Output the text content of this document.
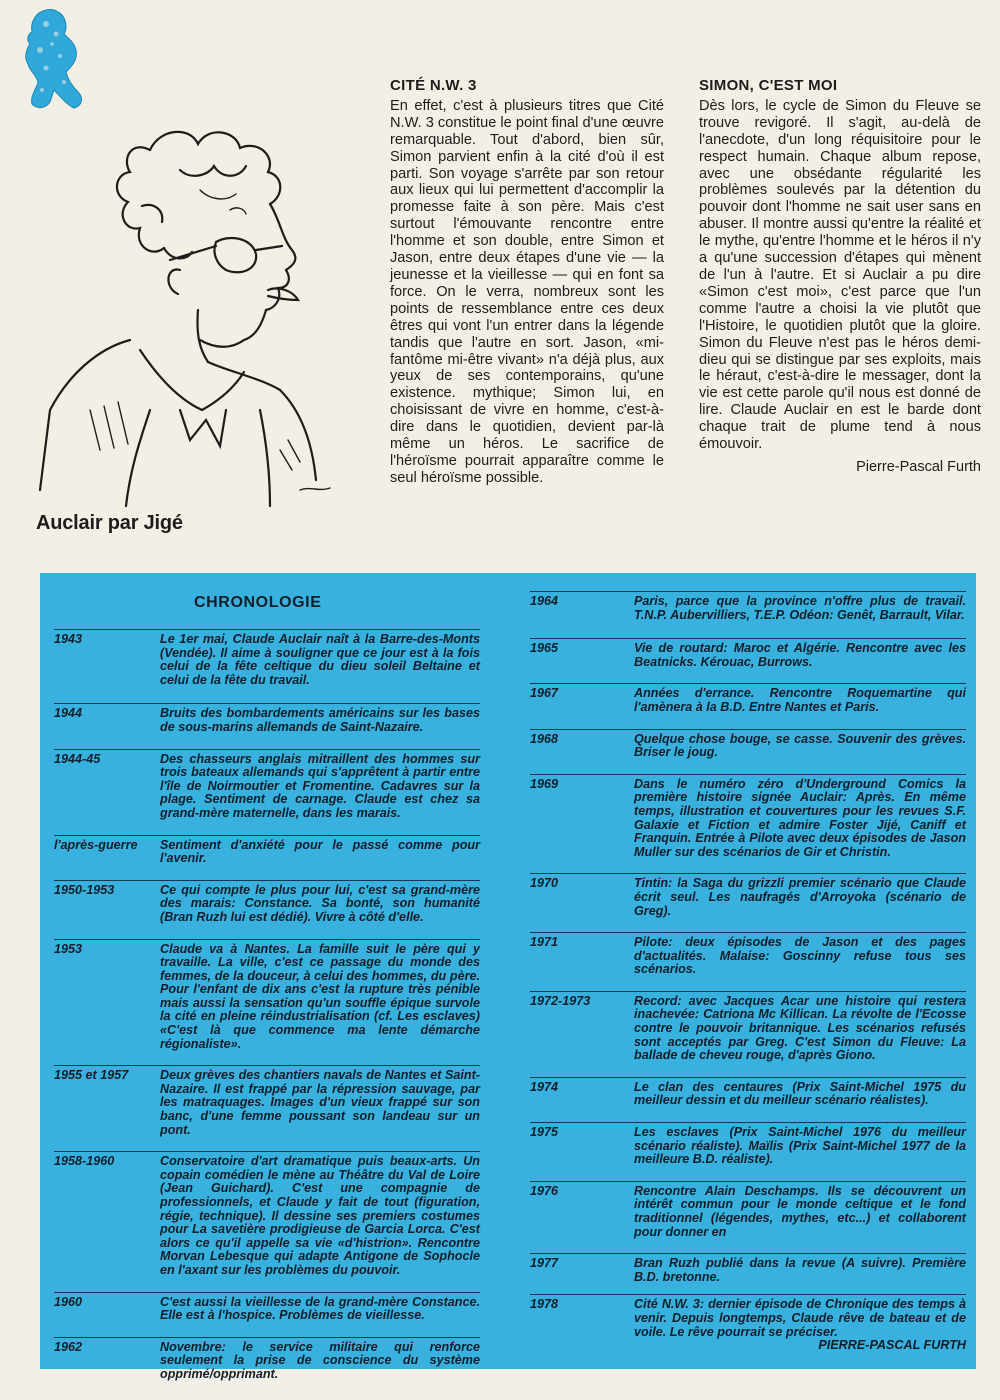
Auclair par Jigé
CITÉ N.W. 3

En effet, c'est à plusieurs titres que Cité N.W. 3 constitue le point final d'une œuvre remarquable. Tout d'abord, bien sûr, Simon parvient enfin à la cité d'où il est parti. Son voyage s'arrête par son retour aux lieux qui lui permettent d'accomplir la promesse faite à son père. Mais c'est surtout l'émouvante rencontre entre l'homme et son double, entre Simon et Jason, entre deux étapes d'une vie — la jeunesse et la vieillesse — qui en font sa force. On le verra, nombreux sont les points de ressemblance entre ces deux êtres qui vont l'un entrer dans la légende tandis que l'autre en sort. Jason, «mi-fantôme mi-être vivant» n'a déjà plus, aux yeux de ses contemporains, qu'une existence. mythique; Simon lui, en choisissant de vivre en homme, c'est-à-dire dans le quotidien, devient par-là même un héros. Le sacrifice de l'héroïsme pourrait apparaître comme le seul héroïsme possible.

SIMON, C'EST MOI

Dès lors, le cycle de Simon du Fleuve se trouve revigoré. Il s'agit, au-delà de l'anecdote, d'un long réquisitoire pour le respect humain. Chaque album repose, avec une obsédante régularité les problèmes soulevés par la détention du pouvoir dont l'homme ne sait user sans en abuser. Il montre aussi qu'entre la réalité et le mythe, qu'entre l'homme et le héros il n'y a qu'une succession d'étapes qui mènent de l'un à l'autre. Et si Auclair a pu dire «Simon c'est moi», c'est parce que l'un comme l'autre a choisi la vie plutôt que l'Histoire, le quotidien plutôt que la gloire. Simon du Fleuve n'est pas le héros demi-dieu qui se distingue par ses exploits, mais le héraut, c'est-à-dire le messager, dont la vie est cette parole qu'il nous est donné de lire. Claude Auclair en est le barde dont chaque trait de plume tend à nous émouvoir.

Pierre-Pascal Furth
CHRONOLOGIE
1943	Le 1er mai, Claude Auclair naît à la Barre-des-Monts (Vendée). Il aime à souligner que ce jour est à la fois celui de la fête celtique du dieu soleil Beltaine et celui de la fête du travail.
1944	Bruits des bombardements américains sur les bases de sous-marins allemands de Saint-Nazaire.
1944-45	Des chasseurs anglais mitraillent des hommes sur trois bateaux allemands qui s'apprêtent à partir entre l'île de Noirmoutier et Fromentine. Cadavres sur la plage. Sentiment de carnage. Claude est chez sa grand-mère maternelle, dans les marais.
l'après-guerre	Sentiment d'anxiété pour le passé comme pour l'avenir.
1950-1953	Ce qui compte le plus pour lui, c'est sa grand-mère des marais: Constance. Sa bonté, son humanité (Bran Ruzh lui est dédié). Vivre à côté d'elle.
1953	Claude va à Nantes. La famille suit le père qui y travaille. La ville, c'est ce passage du monde des femmes, de la douceur, à celui des hommes, du père. Pour l'enfant de dix ans c'est la rupture très pénible mais aussi la sensation qu'un souffle épique survole la cité en pleine réindustrialisation (cf. Les esclaves) «C'est là que commence ma lente démarche régionaliste».
1955 et 1957	Deux grèves des chantiers navals de Nantes et Saint-Nazaire. Il est frappé par la répression sauvage, par les matraquages. Images d'un vieux frappé sur son banc, d'une femme poussant son landeau sur un pont.
1958-1960	Conservatoire d'art dramatique puis beaux-arts. Un copain comédien le mène au Théâtre du Val de Loire (Jean Guichard). C'est une compagnie de professionnels, et Claude y fait de tout (figuration, régie, technique). Il dessine ses premiers costumes pour La savetière prodigieuse de Garcia Lorca. C'est alors ce qu'il appelle sa vie «d'histrion». Rencontre Morvan Lebesque qui adapte Antigone de Sophocle en l'axant sur les problèmes du pouvoir.
1960	C'est aussi la vieillesse de la grand-mère Constance. Elle est à l'hospice. Problèmes de vieillesse.
1962	Novembre: le service militaire qui renforce seulement la prise de conscience du système opprimé/opprimant.
1964	Paris, parce que la province n'offre plus de travail. T.N.P. Aubervilliers, T.E.P. Odéon: Genêt, Barrault, Vilar.
1965	Vie de routard: Maroc et Algérie. Rencontre avec les Beatnicks. Kérouac, Burrows.
1967	Années d'errance. Rencontre Roquemartine qui l'amènera à la B.D. Entre Nantes et Paris.
1968	Quelque chose bouge, se casse. Souvenir des grèves. Briser le joug.
1969	Dans le numéro zéro d'Underground Comics la première histoire signée Auclair: Après. En même temps, illustration et couvertures pour les revues S.F. Galaxie et Fiction et admire Foster Jijé, Caniff et Franquin. Entrée à Pilote avec deux épisodes de Jason Muller sur des scénarios de Gir et Christin.
1970	Tintin: la Saga du grizzli premier scénario que Claude écrit seul. Les naufragés d'Arroyoka (scénario de Greg).
1971	Pilote: deux épisodes de Jason et des pages d'actualités. Malaise: Goscinny refuse tous ses scénarios.
1972-1973	Record: avec Jacques Acar une histoire qui restera inachevée: Catriona Mc Killican. La révolte de l'Ecosse contre le pouvoir britannique. Les scénarios refusés sont acceptés par Greg. C'est Simon du Fleuve: La ballade de cheveu rouge, d'après Giono.
1974	Le clan des centaures (Prix Saint-Michel 1975 du meilleur dessin et du meilleur scénario réalistes).
1975	Les esclaves (Prix Saint-Michel 1976 du meilleur scénario réaliste). Maïlis (Prix Saint-Michel 1977 de la meilleure B.D. réaliste).
1976	Rencontre Alain Deschamps. Ils se découvrent un intérêt commun pour le monde celtique et le fond traditionnel (légendes, mythes, etc...) et collaborent pour donner en
1977	Bran Ruzh publié dans la revue (A suivre). Première B.D. bretonne.
1978	Cité N.W. 3: dernier épisode de Chronique des temps à venir. Depuis longtemps, Claude rêve de bateau et de voile. Le rêve pourrait se préciser.
PIERRE-PASCAL FURTH
